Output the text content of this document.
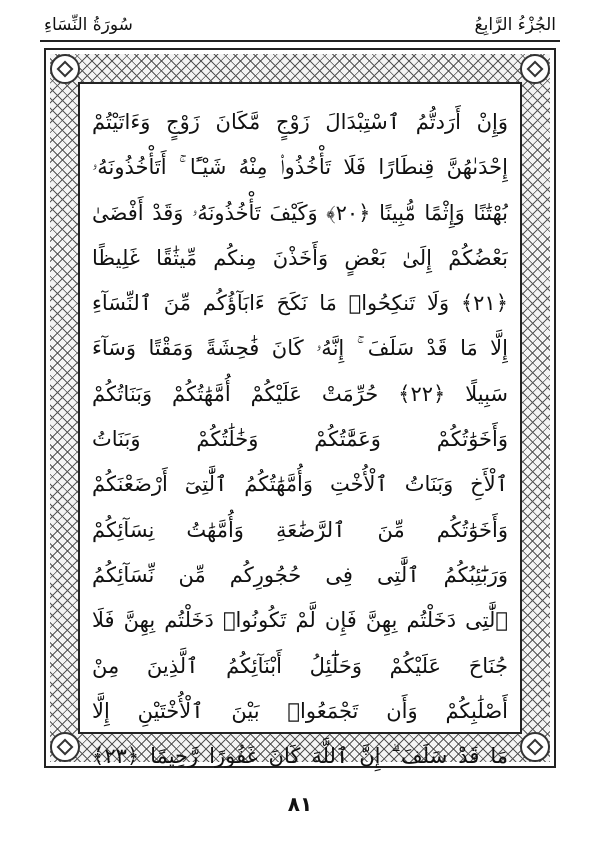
سُورَةُ النِّسَاءِ	الجُزْءُ الرَّابِعُ
وَإِنْ أَرَدتُّمُ ٱسْتِبْدَالَ زَوْجٍ مَّكَانَ زَوْجٍ وَءَاتَيْتُمْ
إِحْدَىٰهُنَّ قِنطَارًا فَلَا تَأْخُذُوا۟ مِنْهُ شَيْـًٔا ۚ أَتَأْخُذُونَهُۥ
بُهْتَٰنًا وَإِثْمًا مُّبِينًا ﴿٢٠﴾ وَكَيْفَ تَأْخُذُونَهُۥ وَقَدْ أَفْضَىٰ
بَعْضُكُمْ إِلَىٰ بَعْضٍ وَأَخَذْنَ مِنكُم مِّيثَٰقًا غَلِيظًا
﴿٢١﴾ وَلَا تَنكِحُوا۟ مَا نَكَحَ ءَابَآؤُكُم مِّنَ ٱلنِّسَآءِ
إِلَّا مَا قَدْ سَلَفَ ۚ إِنَّهُۥ كَانَ فَٰحِشَةً وَمَقْتًا وَسَآءَ
سَبِيلًا ﴿٢٢﴾ حُرِّمَتْ عَلَيْكُمْ أُمَّهَٰتُكُمْ وَبَنَاتُكُمْ
وَأَخَوَٰتُكُمْ وَعَمَّٰتُكُمْ وَخَٰلَٰتُكُمْ وَبَنَاتُ
ٱلْأَخِ وَبَنَاتُ ٱلْأُخْتِ وَأُمَّهَٰتُكُمُ ٱلَّٰتِىٓ أَرْضَعْنَكُمْ
وَأَخَوَٰتُكُم مِّنَ ٱلرَّضَٰعَةِ وَأُمَّهَٰتُ نِسَآئِكُمْ
وَرَبَٰٓئِبُكُمُ ٱلَّٰتِى فِى حُجُورِكُم مِّن نِّسَآئِكُمُ
ٱلَّٰتِى دَخَلْتُم بِهِنَّ فَإِن لَّمْ تَكُونُوا۟ دَخَلْتُم بِهِنَّ فَلَا
جُنَاحَ عَلَيْكُمْ وَحَلَٰٓئِلُ أَبْنَآئِكُمُ ٱلَّذِينَ مِنْ
أَصْلَٰبِكُمْ وَأَن تَجْمَعُوا۟ بَيْنَ ٱلْأُخْتَيْنِ إِلَّا
مَا قَدْ سَلَفَ ۗ إِنَّ ٱللَّهَ كَانَ غَفُورًا رَّحِيمًا ﴿٢٣﴾
٨١
